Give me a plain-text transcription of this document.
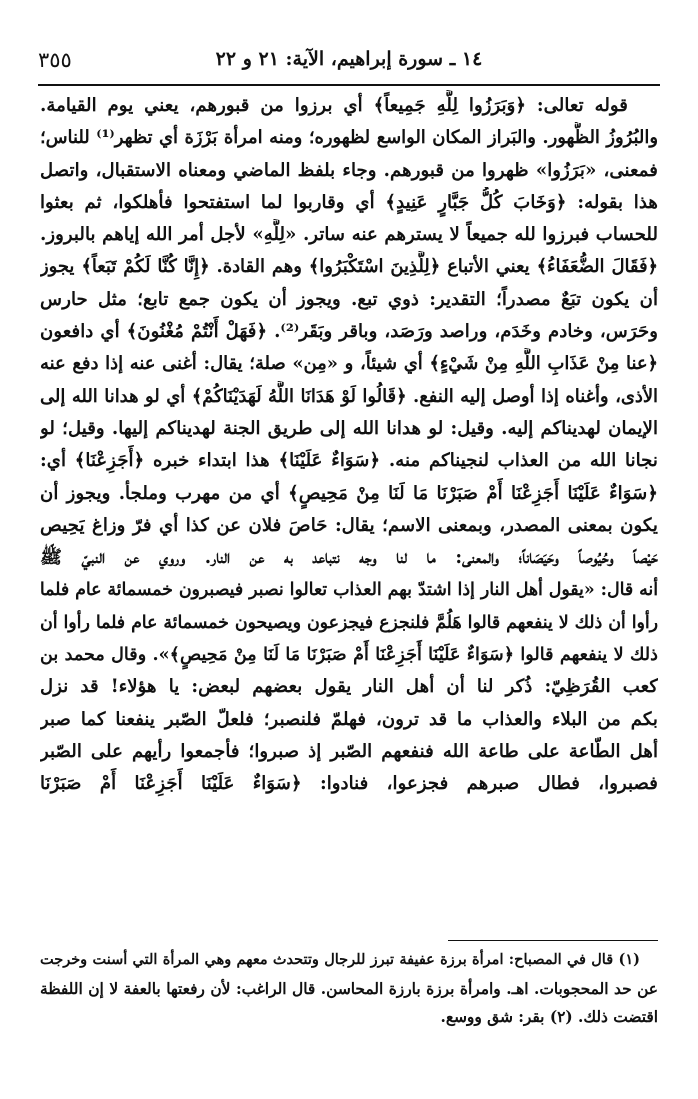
١٤ ـ سورة إبراهيم، الآية: ٢١ و ٢٢
٣٥٥
قوله تعالى: ﴿وَبَرَزُوا لِلَّهِ جَمِيعاً﴾ أي برزوا من قبورهم، يعني يوم القيامة.
والبُرُوزُ الظُّهور. والبَراز المكان الواسع لظهوره؛ ومنه امرأة بَرْزَة أي تظهر⁽¹⁾ للناس؛
فمعنى، «بَرَزُوا» ظهروا من قبورهم. وجاء بلفظ الماضي ومعناه الاستقبال، واتصل
هذا بقوله: ﴿وَخَابَ كُلُّ جَبَّارٍ عَنِيدٍ﴾ أي وقاربوا لما استفتحوا فأهلكوا، ثم بعثوا
للحساب فبرزوا لله جميعاً لا يسترهم عنه ساتر. «لِلَّهِ» لأجل أمر الله إياهم بالبروز.
﴿فَقَالَ الضُّعَفَاءُ﴾ يعني الأتباع ﴿لِلَّذِينَ اسْتَكْبَرُوا﴾ وهم القادة. ﴿إِنَّا كُنَّا لَكُمْ تَبَعاً﴾ يجوز
أن يكون تبَعٌ مصدراً؛ التقدير: ذوي تبع. ويجوز أن يكون جمع تابع؛ مثل حارس
وحَرَس، وخادم وخَدَم، وراصد ورَصَد، وباقر وبَقَر⁽²⁾. ﴿فَهَلْ أَنْتُمْ مُغْنُونَ﴾ أي دافعون
﴿عنا مِنْ عَذَابِ اللَّهِ مِنْ شَيْءٍ﴾ أي شيئاً، و «مِن» صلة؛ يقال: أغنى عنه إذا دفع عنه
الأذى، وأغناه إذا أوصل إليه النفع. ﴿قَالُوا لَوْ هَدَانَا اللَّهُ لَهَدَيْنَاكُمْ﴾ أي لو هدانا الله إلى
الإيمان لهديناكم إليه. وقيل: لو هدانا الله إلى طريق الجنة لهديناكم إليها. وقيل؛ لو
نجانا الله من العذاب لنجيناكم منه. ﴿سَوَاءٌ عَلَيْنَا﴾ هذا ابتداء خبره ﴿أَجَزِعْنَا﴾ أي:
﴿سَوَاءٌ عَلَيْنَا أَجَزِعْنَا أَمْ صَبَرْنَا مَا لَنَا مِنْ مَحِيصٍ﴾ أي من مهرب وملجأ. ويجوز أن
يكون بمعنى المصدر، وبمعنى الاسم؛ يقال: حَاصَ فلان عن كذا أي فرّ وزاغ يَحِيص
حَيْصاً وحُيُوصاً وحَيَصَاناً؛ والمعنى: ما لنا وجه نتباعد به عن النار. وروي عن النبيّ ﷺ
أنه قال: «يقول أهل النار إذا اشتدّ بهم العذاب تعالوا نصبر فيصبرون خمسمائة عام فلما
رأوا أن ذلك لا ينفعهم قالوا هَلُمَّ فلنجزع فيجزعون ويصيحون خمسمائة عام فلما رأوا أن
ذلك لا ينفعهم قالوا ﴿سَوَاءٌ عَلَيْنَا أَجَزِعْنَا أَمْ صَبَرْنَا مَا لَنَا مِنْ مَحِيصٍ﴾». وقال محمد بن
كعب القُرَظِيّ: ذُكر لنا أن أهل النار يقول بعضهم لبعض: يا هؤلاء! قد نزل
بكم من البلاء والعذاب ما قد ترون، فهلمّ فلنصبر؛ فلعلّ الصّبر ينفعنا كما صبر
أهل الطّاعة على طاعة الله فنفعهم الصّبر إذ صبروا؛ فأجمعوا رأيهم على الصّبر
فصبروا، فطال صبرهم فجزعوا، فنادوا: ﴿سَوَاءٌ عَلَيْنَا أَجَزِعْنَا أَمْ صَبَرْنَا
(١) قال في المصباح: امرأة برزة عفيفة تبرز للرجال وتتحدث معهم وهي المرأة التي أسنت وخرجت
عن حد المحجوبات. اهـ. وامرأة برزة بارزة المحاسن. قال الراغب: لأن رفعتها بالعفة لا إن اللفظة
اقتضت ذلك. (٢) بقر: شق ووسع.
